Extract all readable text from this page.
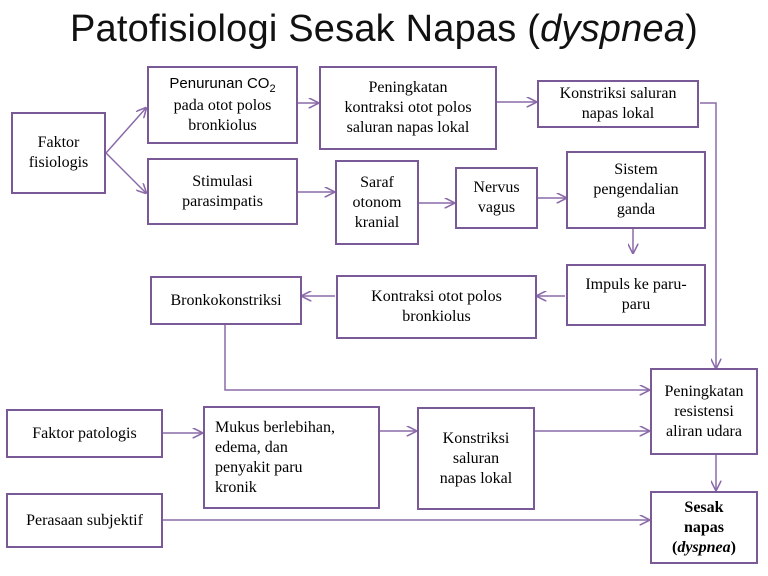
Patofisiologi Sesak Napas (dyspnea)
Faktor
fisiologis
Penurunan $CO_2$
pada otot polos
bronkiolus
Peningkatan
kontraksi otot polos
saluran napas lokal
Konstriksi saluran
napas lokal
Stimulasi
parasimpatis
Saraf
otonom
kranial
Nervus
vagus
Sistem
pengendalian
ganda
Impuls ke paru-
paru
Kontraksi otot polos
bronkiolus
Bronkokonstriksi
Peningkatan
resistensi
aliran udara
Faktor patologis	Mukus berlebihan,
edema, dan
penyakit paru
kronik
Konstriksi
saluran
napas lokal
Perasaan subjektif
Sesak
napas
(dyspnea)
